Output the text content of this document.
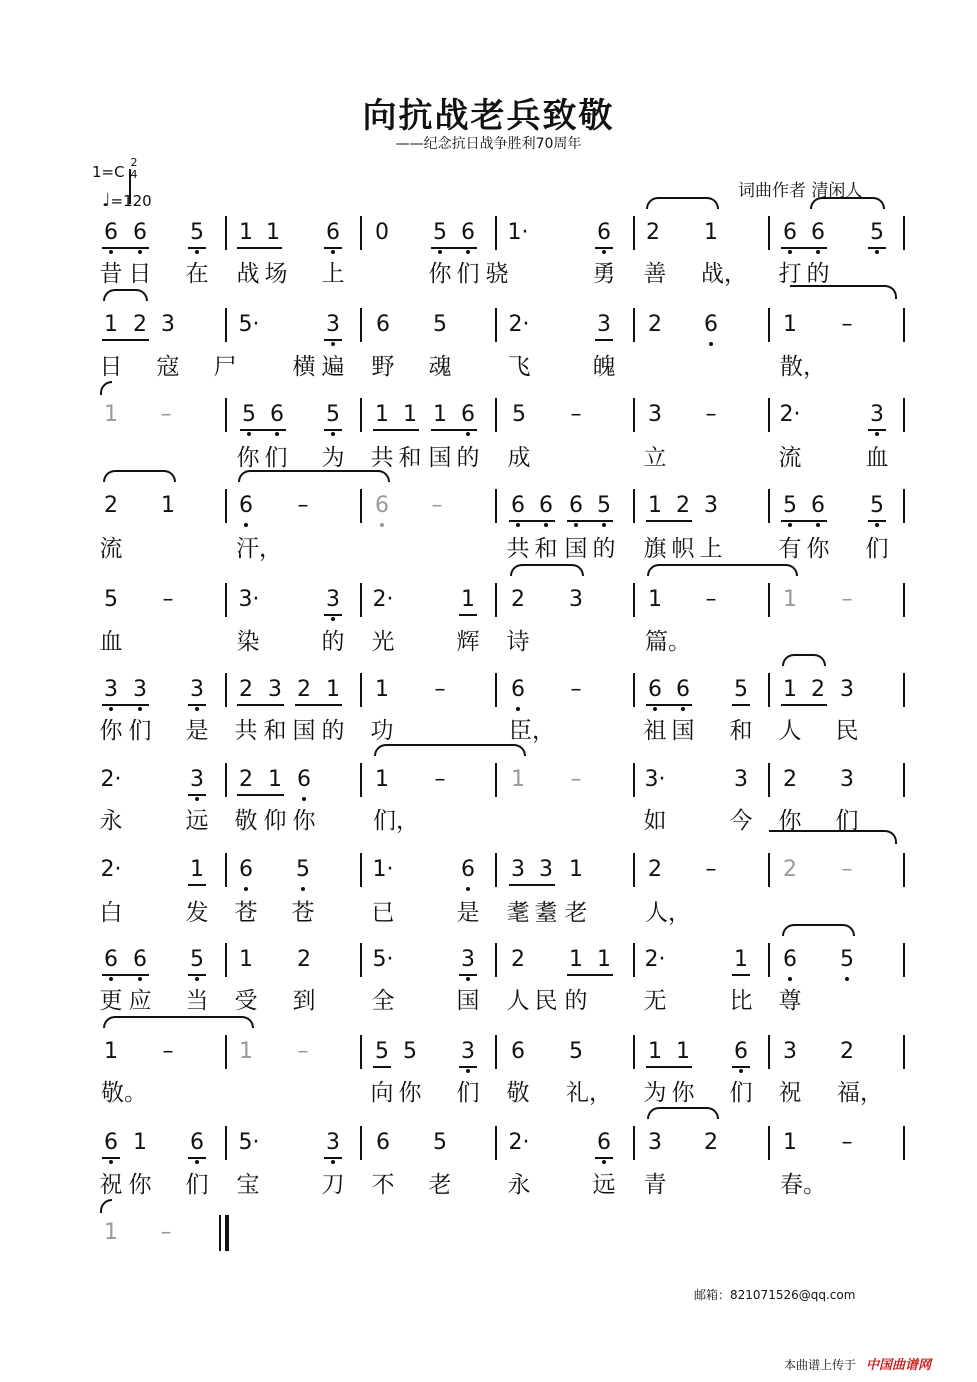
向抗战老兵致敬
——纪念抗日战争胜利70周年
1=C
2
4
♩=120	词曲作者 清闲人
邮箱：821071526@qq.com
本曲谱上传于 中国曲谱网
6 6 5 1 1 6 0 5 6 1·	6 2 1	6 6 5
昔 日 在 战 场 上	你 们 骁	勇 善 战， 打 的
1 2 3	5·	3 6 5	2·	3 2 6	1 –
日 寇 尸 横 遍 野 魂 飞	魄	散，
1 –	5 6 5 1 1 1 6 5 –	3 –	2·	3
你 们 为 共 和 国 的 成	立	流	血
2 1	6 –	6 –	6 6 6 5 1 2 3	5 6 5
流	汗，	共 和 国 的 旗 帜 上 有 你 们
5 –	3·	3 2·	1 2 3	1 –	1 –
血	染	的 光	辉 诗	篇。
3 3 3 2 3 2 1 1 –	6 –	6 6 5 1 2 3
你 们 是 共 和 国 的 功	臣，	祖 国 和 人 民
2·	3 2 1 6	1 –	1 –	3·	3 2 3
永	远 敬 仰 你	们，	如	今 你 们
2·	1 6 5	1·	6 3 3 1	2 –	2 –
白	发 苍 苍 已	是 耄 耋 老	人，
6 6 5 1 2	5·	3 2 1 1 2·	1 6 5
更 应 当 受 到 全	国 人 民 的 无	比 尊
1 –	1 –	5 5 3 6 5	1 1 6 3 2
敬。	向 你 们 敬 礼， 为 你 们 祝 福，
6 1 6 5·	3 6 5	2·	6 3 2	1 –
祝 你 们 宝	刀 不 老 永	远 青	春。
1 –
